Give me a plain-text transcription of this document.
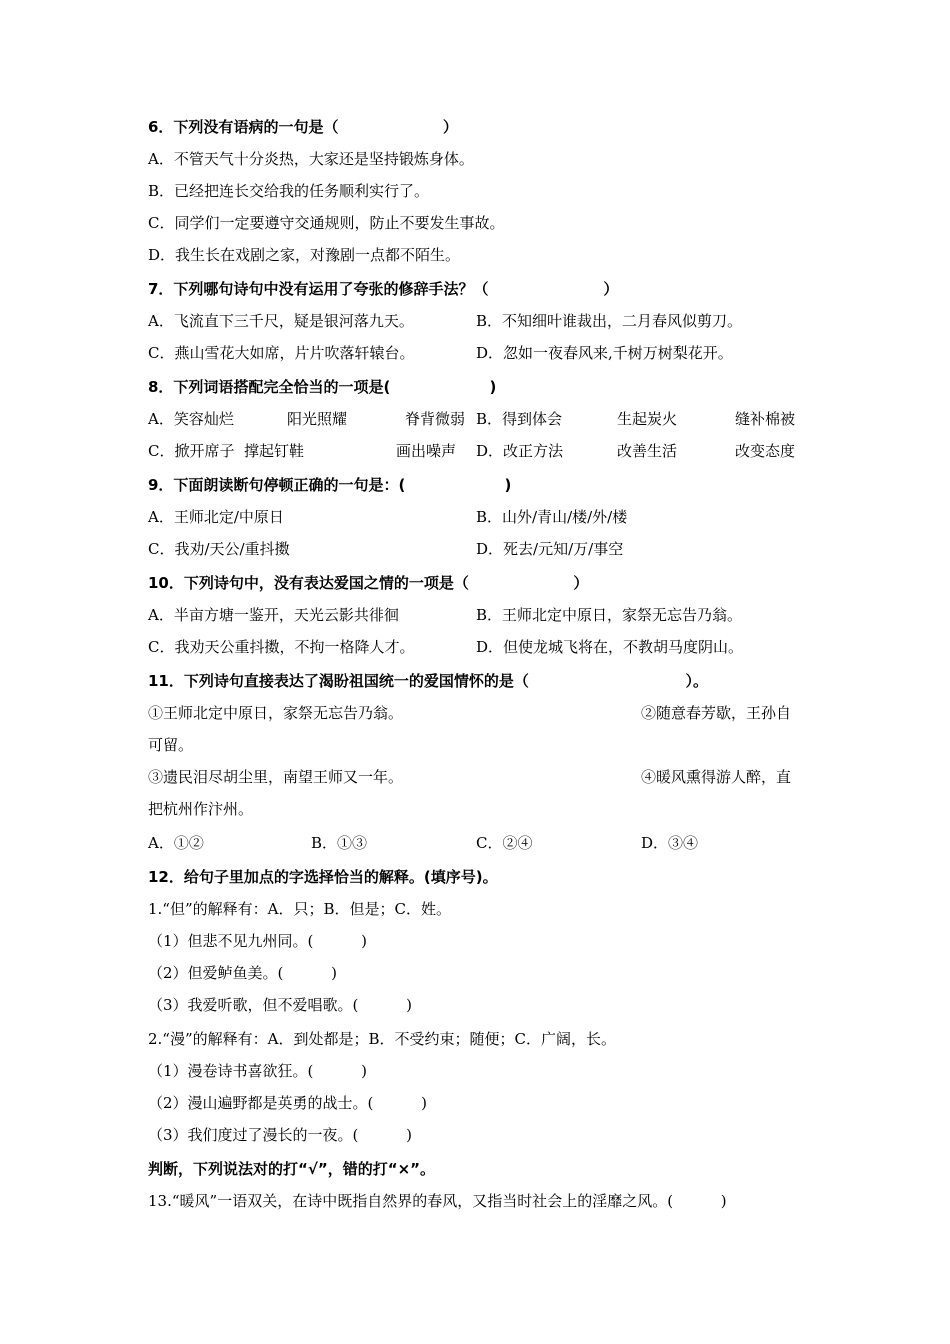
6．下列没有语病的一句是（                    ）
A．不管天气十分炎热，大家还是坚持锻炼身体。
B．已经把连长交给我的任务顺利实行了。
C．同学们一定要遵守交通规则，防止不要发生事故。
D．我生长在戏剧之家，对豫剧一点都不陌生。
7．下列哪句诗句中没有运用了夸张的修辞手法？（                      ）
A．飞流直下三千尺，疑是银河落九天。	B．不知细叶谁裁出，二月春风似剪刀。
C．燕山雪花大如席，片片吹落轩辕台。	D．忽如一夜春风来,千树万树梨花开。
8．下列词语搭配完全恰当的一项是(                   )
A．笑容灿烂	阳光照耀	脊背微弱 B．得到体会	生起炭火	缝补棉被
C．掀开席子  撑起钉鞋	画出噪声 D．改正方法	改善生活	改变态度
9．下面朗读断句停顿正确的一句是：(                   )
A．王师北定/中原日	B．山外/青山/楼/外/楼
C．我劝/天公/重抖擞	D．死去/元知/万/事空
10．下列诗句中，没有表达爱国之情的一项是（                    ）
A．半亩方塘一鉴开，天光云影共徘徊	B．王师北定中原日，家祭无忘告乃翁。
C．我劝天公重抖擞，不拘一格降人才。	D．但使龙城飞将在，不教胡马度阴山。
11．下列诗句直接表达了渴盼祖国统一的爱国情怀的是（                              ）。
①王师北定中原日，家祭无忘告乃翁。	②随意春芳歇，王孙自
可留。
③遗民泪尽胡尘里，南望王师又一年。	④暖风熏得游人醉，直
把杭州作汴州。
A．①②	B．①③	C．②④	D．③④
12．给句子里加点的字选择恰当的解释。(填序号)。
1.“但”的解释有：A．只；B．但是；C．姓。
（1）但悲不见九州同。(          )
（2）但爱鲈鱼美。(          )
（3）我爱听歌，但不爱唱歌。(          )
2.“漫”的解释有：A．到处都是；B．不受约束；随便；C．广阔，长。
（1）漫卷诗书喜欲狂。(          )
（2）漫山遍野都是英勇的战士。(          )
（3）我们度过了漫长的一夜。(          )
判断，下列说法对的打“√”，错的打“×”。
13.“暖风”一语双关，在诗中既指自然界的春风，又指当时社会上的淫靡之风。(          )
